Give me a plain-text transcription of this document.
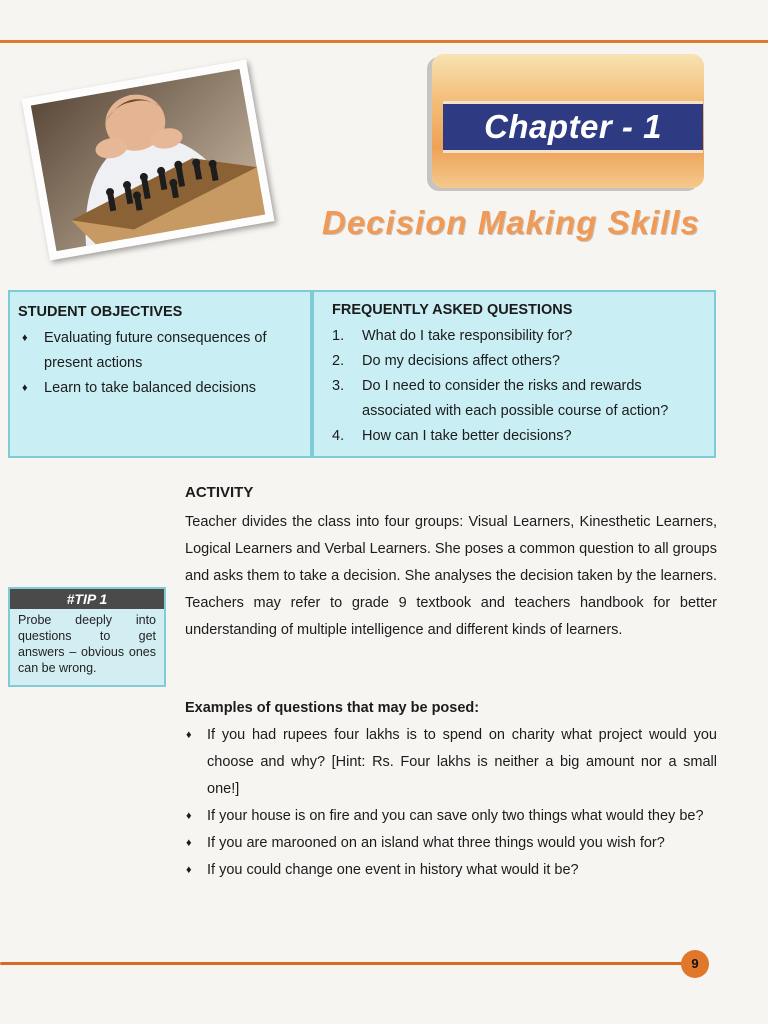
Chapter - 1
Decision Making Skills
STUDENT OBJECTIVES
♦ Evaluating future consequences of present actions
♦ Learn to take balanced decisions
FREQUENTLY ASKED QUESTIONS
1. What do I take responsibility for?
2. Do my decisions affect others?
3. Do I need to consider the risks and rewards associated with each possible course of action?
4. How can I take better decisions?
ACTIVITY

Teacher divides the class into four groups: Visual Learners, Kinesthetic Learners, Logical Learners and Verbal Learners. She poses a common question to all groups and asks them to take a decision. She analyses the decision taken by the learners. Teachers may refer to grade 9 textbook and teachers handbook for better understanding of multiple intelligence and different kinds of learners.

#TIP 1
Probe deeply into questions to get answers – obvious ones can be wrong.
Examples of questions that may be posed:
♦ If you had rupees four lakhs is to spend on charity what project would you choose and why? [Hint: Rs. Four lakhs is neither a big amount nor a small one!]
♦ If your house is on fire and you can save only two things what would they be?
♦ If you are marooned on an island what three things would you wish for?
♦ If you could change one event in history what would it be?
9
